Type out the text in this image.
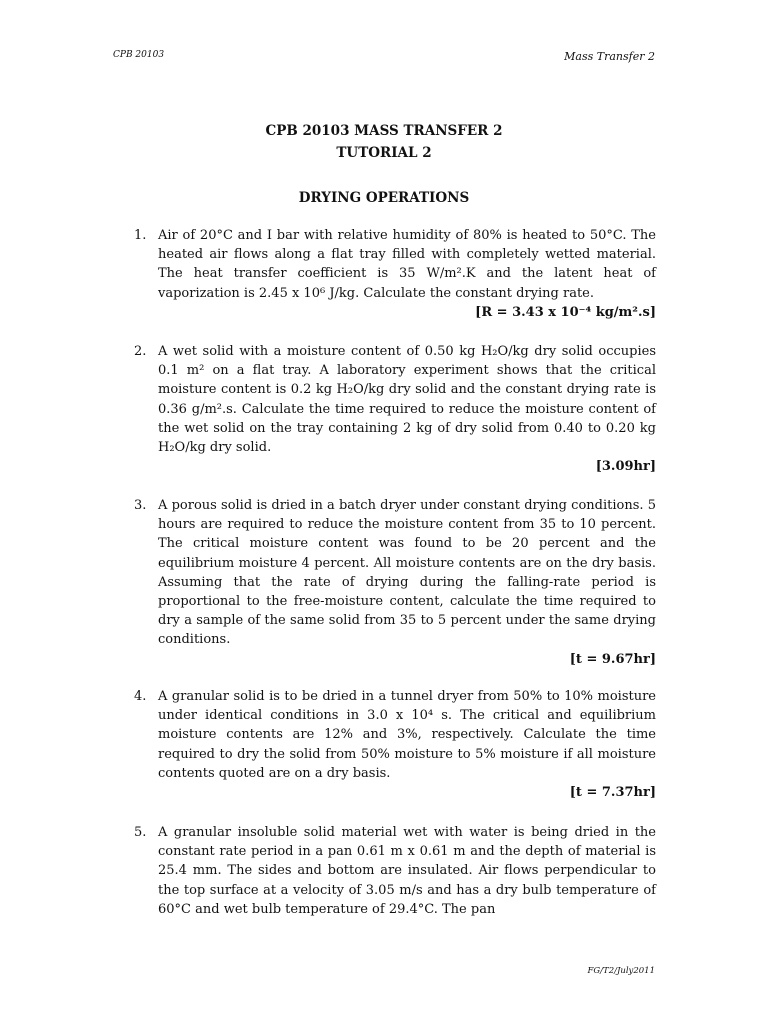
CPB 20103	Mass Transfer 2
CPB 20103 MASS TRANSFER 2
TUTORIAL 2
DRYING OPERATIONS
1. Air of 20°C and I bar with relative humidity of 80% is heated to 50°C. The heated air flows along a flat tray filled with completely wetted material. The heat transfer coefficient is 35 W/m².K and the latent heat of vaporization is 2.45 x 10⁶ J/kg. Calculate the constant drying rate.
[R = 3.43 x 10⁻⁴ kg/m².s]
2. A wet solid with a moisture content of 0.50 kg H₂O/kg dry solid occupies 0.1 m² on a flat tray. A laboratory experiment shows that the critical moisture content is 0.2 kg H₂O/kg dry solid and the constant drying rate is 0.36 g/m².s. Calculate the time required to reduce the moisture content of the wet solid on the tray containing 2 kg of dry solid from 0.40 to 0.20 kg H₂O/kg dry solid.
[3.09hr]
3. A porous solid is dried in a batch dryer under constant drying conditions. 5 hours are required to reduce the moisture content from 35 to 10 percent. The critical moisture content was found to be 20 percent and the equilibrium moisture 4 percent. All moisture contents are on the dry basis. Assuming that the rate of drying during the falling-rate period is proportional to the free-moisture content, calculate the time required to dry a sample of the same solid from 35 to 5 percent under the same drying conditions.
[t = 9.67hr]
4. A granular solid is to be dried in a tunnel dryer from 50% to 10% moisture under identical conditions in 3.0 x 10⁴ s. The critical and equilibrium moisture contents are 12% and 3%, respectively. Calculate the time required to dry the solid from 50% moisture to 5% moisture if all moisture contents quoted are on a dry basis.
[t = 7.37hr]
5. A granular insoluble solid material wet with water is being dried in the constant rate period in a pan 0.61 m x 0.61 m and the depth of material is 25.4 mm. The sides and bottom are insulated. Air flows perpendicular to the top surface at a velocity of 3.05 m/s and has a dry bulb temperature of 60°C and wet bulb temperature of 29.4°C. The pan
FG/T2/July2011
